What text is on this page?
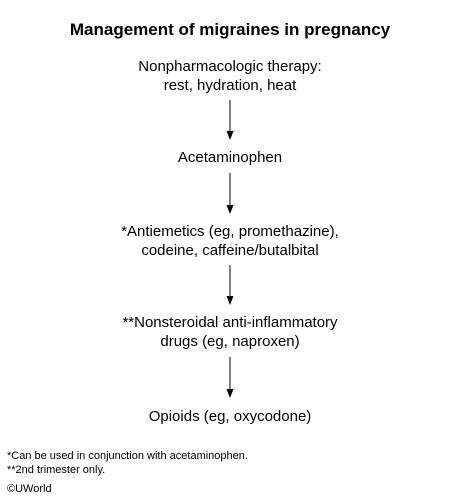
Management of migraines in pregnancy
Nonpharmacologic therapy:
rest, hydration, heat
Acetaminophen
*Antiemetics (eg, promethazine),
codeine, caffeine/butalbital
**Nonsteroidal anti-inflammatory
drugs (eg, naproxen)
Opioids (eg, oxycodone)
*Can be used in conjunction with acetaminophen.
**2nd trimester only.
©UWorld
